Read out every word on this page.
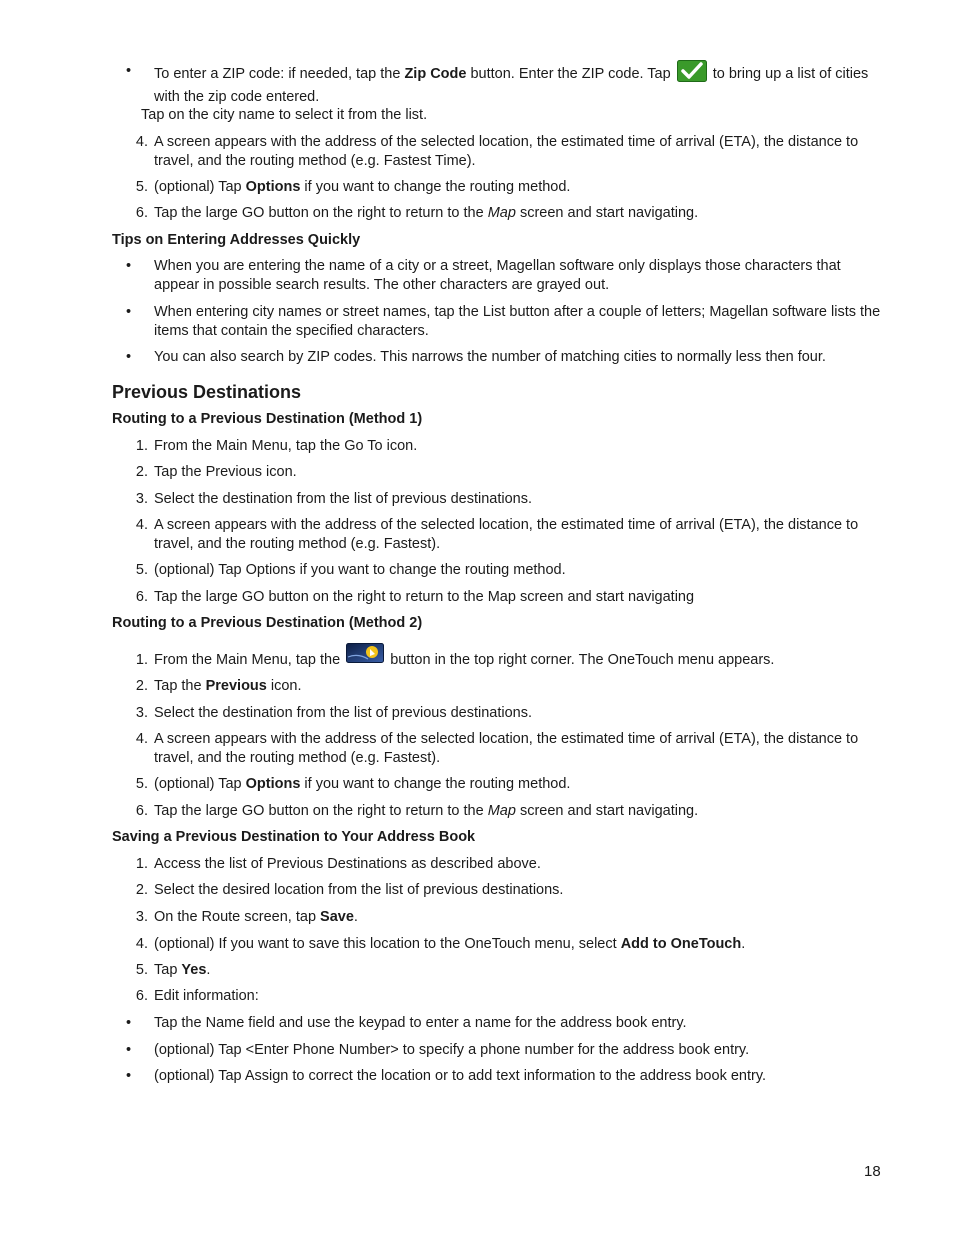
• To enter a ZIP code: if needed, tap the Zip Code button. Enter the ZIP code. Tap  to bring up a list of cities with the zip code entered.
Tap on the city name to select it from the list.
4. A screen appears with the address of the selected location, the estimated time of arrival (ETA), the distance to travel, and the routing method (e.g. Fastest Time).
5. (optional) Tap Options if you want to change the routing method.
6. Tap the large GO button on the right to return to the Map screen and start navigating.
Tips on Entering Addresses Quickly
• When you are entering the name of a city or a street, Magellan software only displays those characters that appear in possible search results. The other characters are grayed out.
• When entering city names or street names, tap the List button after a couple of letters; Magellan software lists the items that contain the specified characters.
• You can also search by ZIP codes. This narrows the number of matching cities to normally less then four.
Previous Destinations
Routing to a Previous Destination (Method 1)
1. From the Main Menu, tap the Go To icon.
2. Tap the Previous icon.
3. Select the destination from the list of previous destinations.
4. A screen appears with the address of the selected location, the estimated time of arrival (ETA), the distance to travel, and the routing method (e.g. Fastest).
5. (optional) Tap Options if you want to change the routing method.
6. Tap the large GO button on the right to return to the Map screen and start navigating
Routing to a Previous Destination (Method 2)
1. From the Main Menu, tap the	button in the top right corner. The OneTouch menu appears.
2. Tap the Previous icon.
3. Select the destination from the list of previous destinations.
4. A screen appears with the address of the selected location, the estimated time of arrival (ETA), the distance to travel, and the routing method (e.g. Fastest).
5. (optional) Tap Options if you want to change the routing method.
6. Tap the large GO button on the right to return to the Map screen and start navigating.
Saving a Previous Destination to Your Address Book
1. Access the list of Previous Destinations as described above.
2. Select the desired location from the list of previous destinations.
3. On the Route screen, tap Save.
4. (optional) If you want to save this location to the OneTouch menu, select Add to OneTouch.
5. Tap Yes.
6. Edit information:
• Tap the Name field and use the keypad to enter a name for the address book entry.
• (optional) Tap <Enter Phone Number> to specify a phone number for the address book entry.
• (optional) Tap Assign to correct the location or to add text information to the address book entry.
18
